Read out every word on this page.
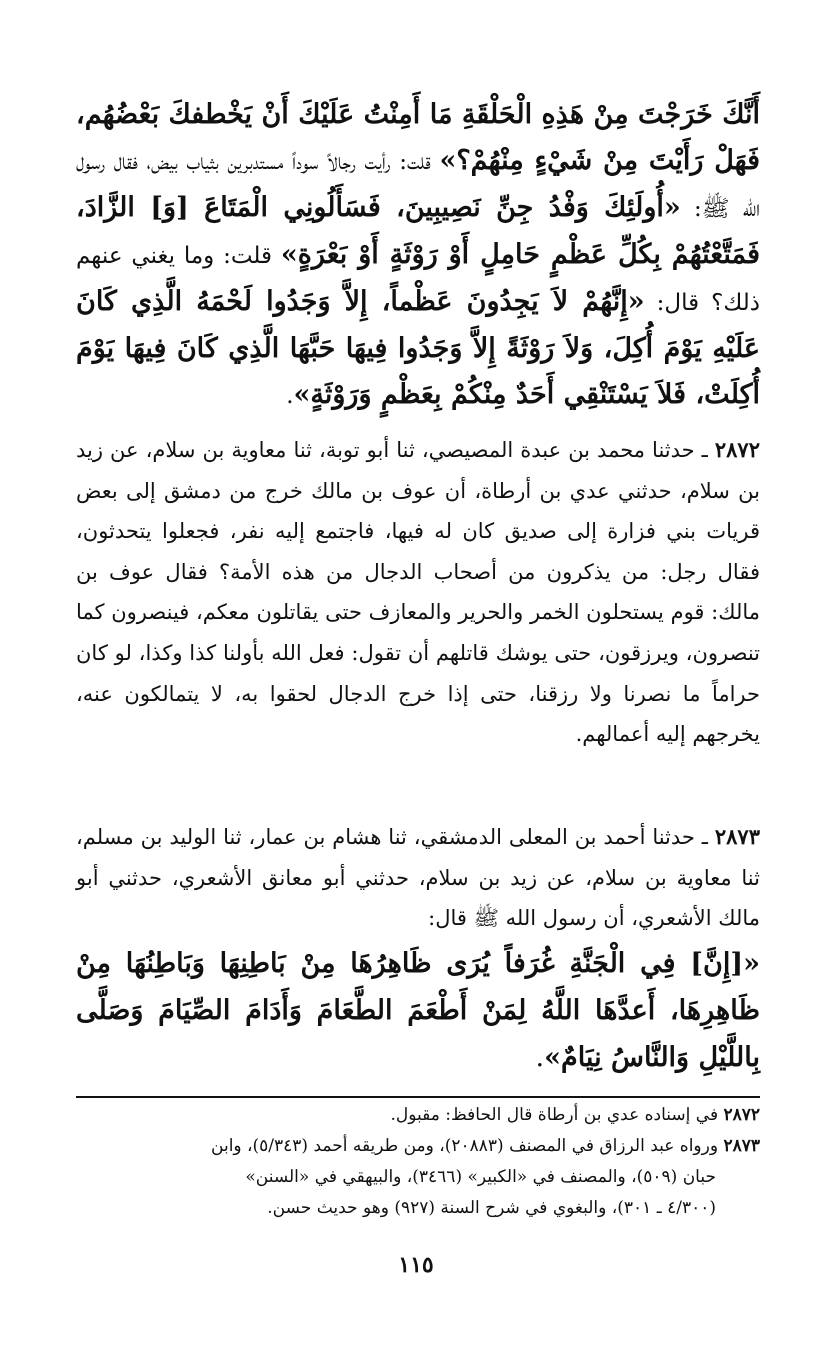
أَنَّكَ خَرَجْتَ مِنْ هَذِهِ الْحَلْقَةِ مَا أَمِنْتُ عَلَيْكَ أَنْ يَخْطفكَ بَعْضُهُم، فَهَلْ رَأَيْتَ مِنْ شَيْءٍ مِنْهُمْ؟» قلت: رأيت رجالاً سوداً مستدبرين بثياب بيض، فقال رسول الله ﷺ: «أُولَئِكَ وَفْدُ جِنِّ نَصِيبِينَ، فَسَأَلُونِي الْمَتَاعَ [وَ] الزَّادَ، فَمَتَّعْتُهُمْ بِكُلِّ عَظْمٍ حَامِلٍ أَوْ رَوْثَةٍ أَوْ بَعْرَةٍ» قلت: وما يغني عنهم ذلك؟ قال: «إِنَّهُمْ لاَ يَجِدُونَ عَظْماً، إِلاَّ وَجَدُوا لَحْمَهُ الَّذِي كَانَ عَلَيْهِ يَوْمَ أُكِلَ، وَلاَ رَوْثَةً إِلاَّ وَجَدُوا فِيهَا حَبَّهَا الَّذِي كَانَ فِيهَا يَوْمَ أُكِلَتْ، فَلاَ يَسْتَنْقِي أَحَدٌ مِنْكُمْ بِعَظْمٍ وَرَوْثَةٍ».
٢٨٧٢ ـ حدثنا محمد بن عبدة المصيصي، ثنا أبو توبة، ثنا معاوية بن سلام، عن زيد بن سلام، حدثني عدي بن أرطاة، أن عوف بن مالك خرج من دمشق إلى بعض قريات بني فزارة إلى صديق كان له فيها، فاجتمع إليه نفر، فجعلوا يتحدثون، فقال رجل: من يذكرون من أصحاب الدجال من هذه الأمة؟ فقال عوف بن مالك: قوم يستحلون الخمر والحرير والمعازف حتى يقاتلون معكم، فينصرون كما تنصرون، ويرزقون، حتى يوشك قاتلهم أن تقول: فعل الله بأولنا كذا وكذا، لو كان حراماً ما نصرنا ولا رزقنا، حتى إذا خرج الدجال لحقوا به، لا يتمالكون عنه، يخرجهم إليه أعمالهم.
٢٨٧٣ ـ حدثنا أحمد بن المعلى الدمشقي، ثنا هشام بن عمار، ثنا الوليد بن مسلم، ثنا معاوية بن سلام، عن زيد بن سلام، حدثني أبو معانق الأشعري، حدثني أبو مالك الأشعري، أن رسول الله ﷺ قال:
«[إِنَّ] فِي الْجَنَّةِ غُرَفاً يُرَى ظَاهِرُهَا مِنْ بَاطِنِهَا وَبَاطِنُهَا مِنْ ظَاهِرِهَا، أَعدَّهَا اللَّهُ لِمَنْ أَطْعَمَ الطَّعَامَ وَأَدَامَ الصِّيَامَ وَصَلَّى بِاللَّيْلِ وَالنَّاسُ نِيَامٌ».

٢٨٧٢ في إسناده عدي بن أرطاة قال الحافظ: مقبول.

٢٨٧٣ ورواه عبد الرزاق في المصنف (٢٠٨٨٣)، ومن طريقه أحمد (٥/٣٤٣)، وابن

حبان (٥٠٩)، والمصنف في «الكبير» (٣٤٦٦)، والبيهقي في «السنن»

(٤/٣٠٠ ـ ٣٠١)، والبغوي في شرح السنة (٩٢٧) وهو حديث حسن.

١١٥
